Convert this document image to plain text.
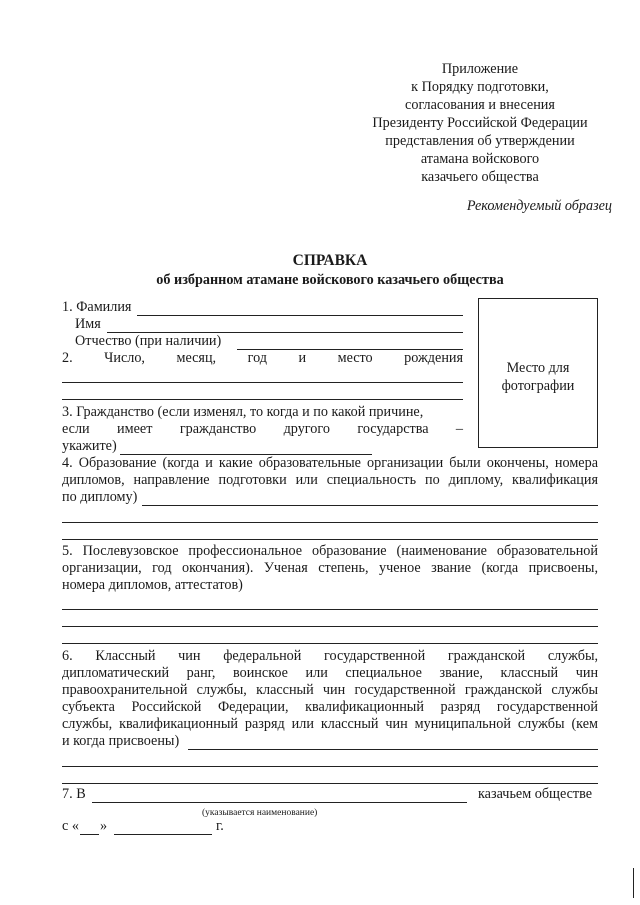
Приложение
к Порядку подготовки,
согласования и внесения
Президенту Российской Федерации
представления об утверждении
атамана войскового
казачьего общества
Рекомендуемый образец
СПРАВКА
об избранном атамане войскового казачьего общества
Место для
фотографии
1. Фамилия
Имя
Отчество (при наличии)
2. Число, месяц, год и место рождения
3. Гражданство (если изменял, то когда и по какой причине,
если имеет гражданство другого государства –
укажите)
4. Образование (когда и какие образовательные организации были окончены, номера
дипломов, направление подготовки или специальность по диплому, квалификация
по диплому)
5. Послевузовское профессиональное образование (наименование образовательной
организации, год окончания). Ученая степень, ученое звание (когда присвоены,
номера дипломов, аттестатов)
6. Классный чин федеральной государственной гражданской службы,
дипломатический ранг, воинское или специальное звание, классный чин
правоохранительной службы, классный чин государственной гражданской службы
субъекта Российской Федерации, квалификационный разряд государственной
службы, квалификационный разряд или классный чин муниципальной службы (кем
и когда присвоены)
7. В	казачьем обществе
(указывается наименование)
с « »	г.
